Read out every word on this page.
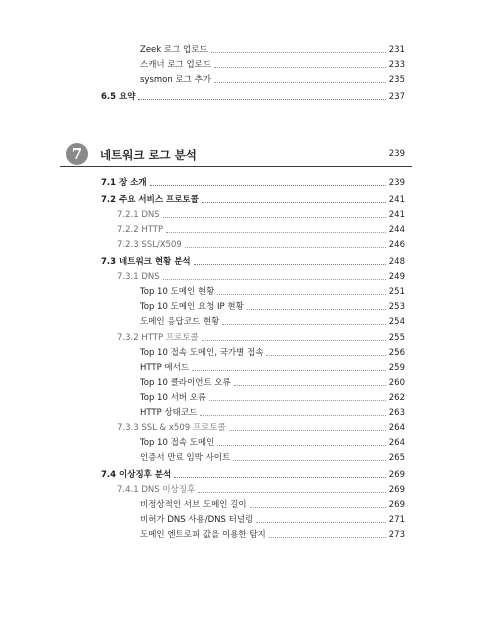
Zeek 로그 업로드	231
스캐너 로그 업로드	233
sysmon 로그 추가	235
6.5 요약	237
7 네트워크 로그 분석	239
7.1 장 소개	239
7.2 주요 서비스 프로토콜	241
7.2.1 DNS	241
7.2.2 HTTP	244
7.2.3 SSL/X509	246
7.3 네트워크 현황 분석	248
7.3.1 DNS	249
Top 10 도메인 현황	251
Top 10 도메인 요청 IP 현황	253
도메인 응답코드 현황	254
7.3.2 HTTP 프로토콜	255
Top 10 접속 도메인, 국가별 접속	256
HTTP 메서드	259
Top 10 클라이언트 오류	260
Top 10 서버 오류	262
HTTP 상태코드	263
7.3.3 SSL & x509 프로토콜	264
Top 10 접속 도메인	264
인증서 만료 임박 사이트	265
7.4 이상징후 분석	269
7.4.1 DNS 이상징후	269
비정상적인 서브 도메인 길이	269
비허가 DNS 사용/DNS 터널링	271
도메인 엔트로피 값을 이용한 탐지	273
